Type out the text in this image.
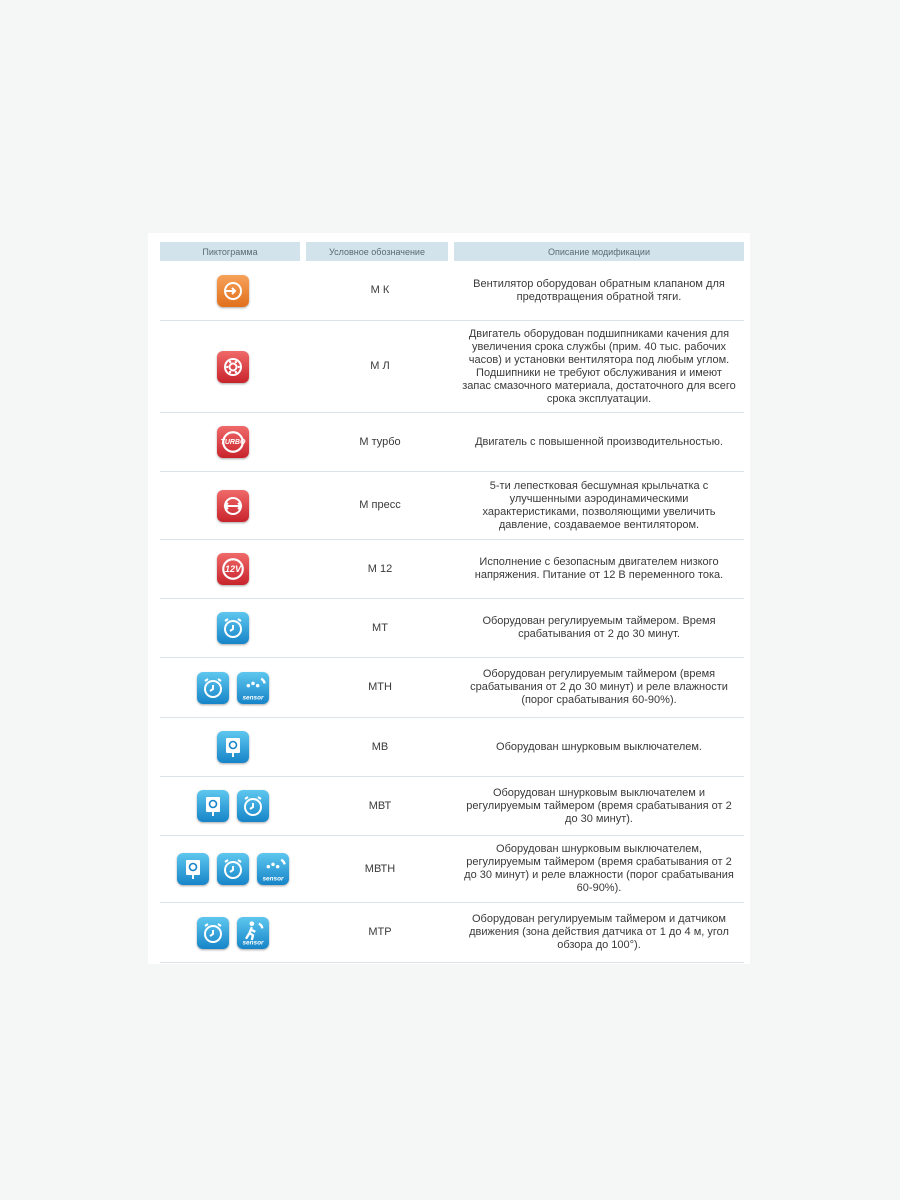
Пиктограмма	Условное обозначение	Описание модификации

	М К	Вентилятор оборудован обратным клапаном для предотвращения обратной тяги.

	М Л	Двигатель оборудован подшипниками качения для увеличения срока службы (прим. 40 тыс. рабочих часов) и установки вентилятора под любым углом. Подшипники не требуют обслуживания и имеют запас смазочного материала, достаточного для всего срока эксплуатации.

TURBO	М турбо	Двигатель с повышенной производительностью.

	М пресс	5-ти лепестковая бесшумная крыльчатка с улучшенными аэродинамическими характеристиками, позволяющими увеличить давление, создаваемое вентилятором.

12V	М 12	Исполнение с безопасным двигателем низкого напряжения. Питание от 12 В переменного тока.

	МТ	Оборудован регулируемым таймером. Время срабатывания от 2 до 30 минут.

sensor	МТН	Оборудован регулируемым таймером (время срабатывания от 2 до 30 минут) и реле влажности (порог срабатывания 60-90%).

	МВ	Оборудован шнурковым выключателем.

	МВТ	Оборудован шнурковым выключателем и регулируемым таймером (время срабатывания от 2 до 30 минут).

sensor	МВТН	Оборудован шнурковым выключателем, регулируемым таймером (время срабатывания от 2 до 30 минут) и реле влажности (порог срабатывания 60-90%).

sensor	МТР	Оборудован регулируемым таймером и датчиком движения (зона действия датчика от 1 до 4 м, угол обзора до 100°).
